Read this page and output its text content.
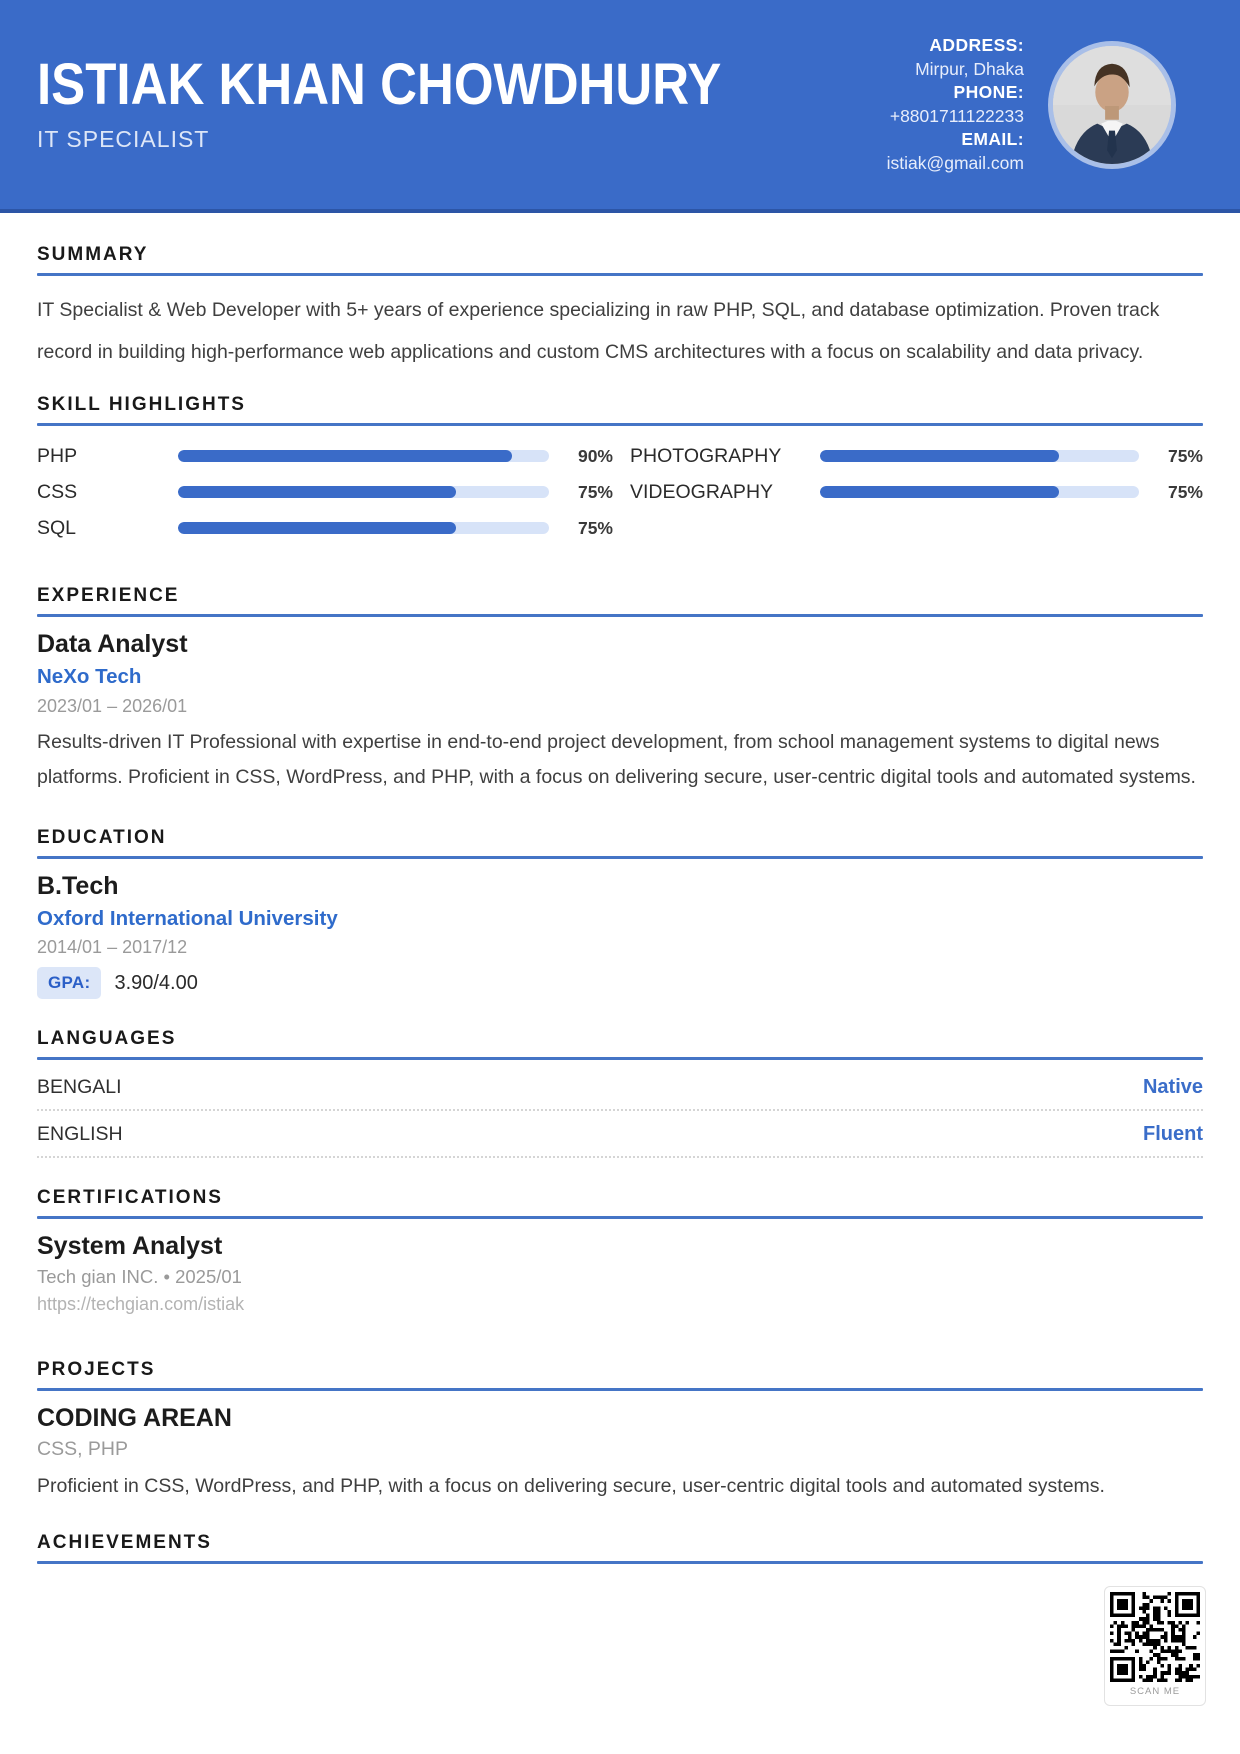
ISTIAK KHAN CHOWDHURY
IT SPECIALIST
ADDRESS:
Mirpur, Dhaka
PHONE:
+8801711122233
EMAIL:
istiak@gmail.com
SUMMARY

IT Specialist & Web Developer with 5+ years of experience specializing in raw PHP, SQL, and database optimization. Proven track record in building high-performance web applications and custom CMS architectures with a focus on scalability and data privacy.

SKILL HIGHLIGHTS
PHP	90%
CSS	75%
SQL	75%
PHOTOGRAPHY	75%
VIDEOGRAPHY	75%
EXPERIENCE
Data Analyst
NeXo Tech
2023/01 – 2026/01

Results-driven IT Professional with expertise in end-to-end project development, from school management systems to digital news platforms. Proficient in CSS, WordPress, and PHP, with a focus on delivering secure, user-centric digital tools and automated systems.

EDUCATION
B.Tech
Oxford International University
2014/01 – 2017/12
GPA:	3.90/4.00
LANGUAGES
BENGALI	Native
ENGLISH	Fluent
CERTIFICATIONS
System Analyst
Tech gian INC. • 2025/01
https://techgian.com/istiak
PROJECTS
CODING AREAN
CSS, PHP

Proficient in CSS, WordPress, and PHP, with a focus on delivering secure, user-centric digital tools and automated systems.

ACHIEVEMENTS
SCAN ME
